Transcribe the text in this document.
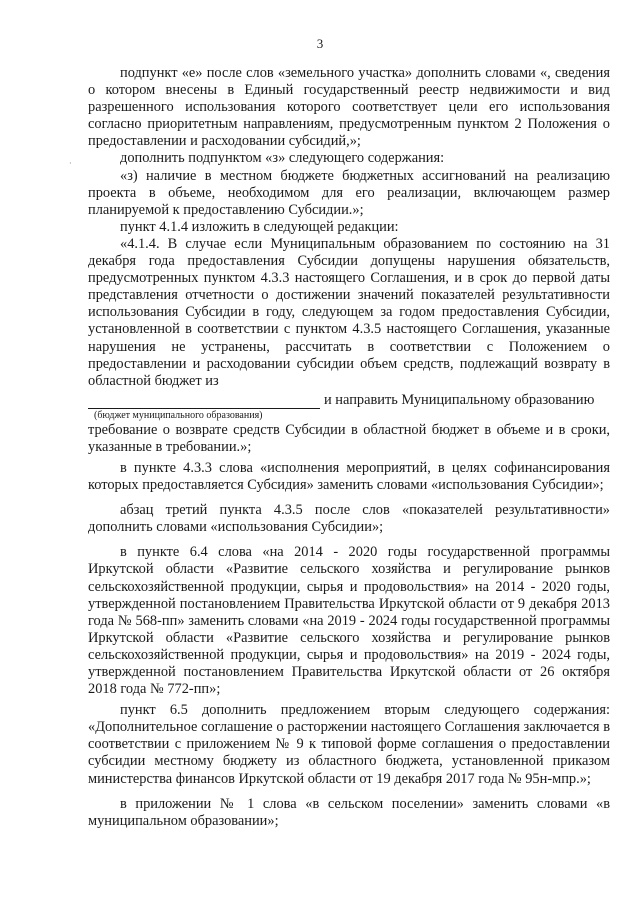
3
·

подпункт «е» после слов «земельного участка» дополнить словами «, сведения о котором внесены в Единый государственный реестр недвижимости и вид разрешенного использования которого соответствует цели его использования согласно приоритетным направлениям, предусмотренным пунктом 2 Положения о предоставлении и расходовании субсидий,»;

дополнить подпунктом «з» следующего содержания:

«з) наличие в местном бюджете бюджетных ассигнований на реализацию проекта в объеме, необходимом для его реализации, включающем размер планируемой к предоставлению Субсидии.»;

пункт 4.1.4 изложить в следующей редакции:

«4.1.4. В случае если Муниципальным образованием по состоянию на 31 декабря года предоставления Субсидии допущены нарушения обязательств, предусмотренных пунктом 4.3.3 настоящего Соглашения, и в срок до первой даты представления отчетности о достижении значений показателей результативности использования Субсидии в году, следующем за годом предоставления Субсидии, установленной в соответствии с пунктом 4.3.5 настоящего Соглашения, указанные нарушения не устранены, рассчитать в соответствии с Положением о предоставлении и расходовании субсидии объем средств, подлежащий возврату в областной бюджет из

и направить Муниципальному образованию
(бюджет муниципального образования)

требование о возврате средств Субсидии в областной бюджет в объеме и в сроки, указанные в требовании.»;

в пункте 4.3.3 слова «исполнения мероприятий, в целях софинансирования которых предоставляется Субсидия» заменить словами «использования Субсидии»;

абзац третий пункта 4.3.5 после слов «показателей результативности» дополнить словами «использования Субсидии»;

в пункте 6.4 слова «на 2014 - 2020 годы государственной программы Иркутской области «Развитие сельского хозяйства и регулирование рынков сельскохозяйственной продукции, сырья и продовольствия» на 2014 - 2020 годы, утвержденной постановлением Правительства Иркутской области от 9 декабря 2013 года № 568-пп» заменить словами «на 2019 - 2024 годы государственной программы Иркутской области «Развитие сельского хозяйства и регулирование рынков сельскохозяйственной продукции, сырья и продовольствия» на 2019 - 2024 годы, утвержденной постановлением Правительства Иркутской области от 26 октября 2018 года № 772-пп»;

пункт 6.5 дополнить предложением вторым следующего содержания: «Дополнительное соглашение о расторжении настоящего Соглашения заключается в соответствии с приложением № 9 к типовой форме соглашения о предоставлении субсидии местному бюджету из областного бюджета, установленной приказом министерства финансов Иркутской области от 19 декабря 2017 года № 95н-мпр.»;

в приложении № 1 слова «в сельском поселении» заменить словами «в муниципальном образовании»;
